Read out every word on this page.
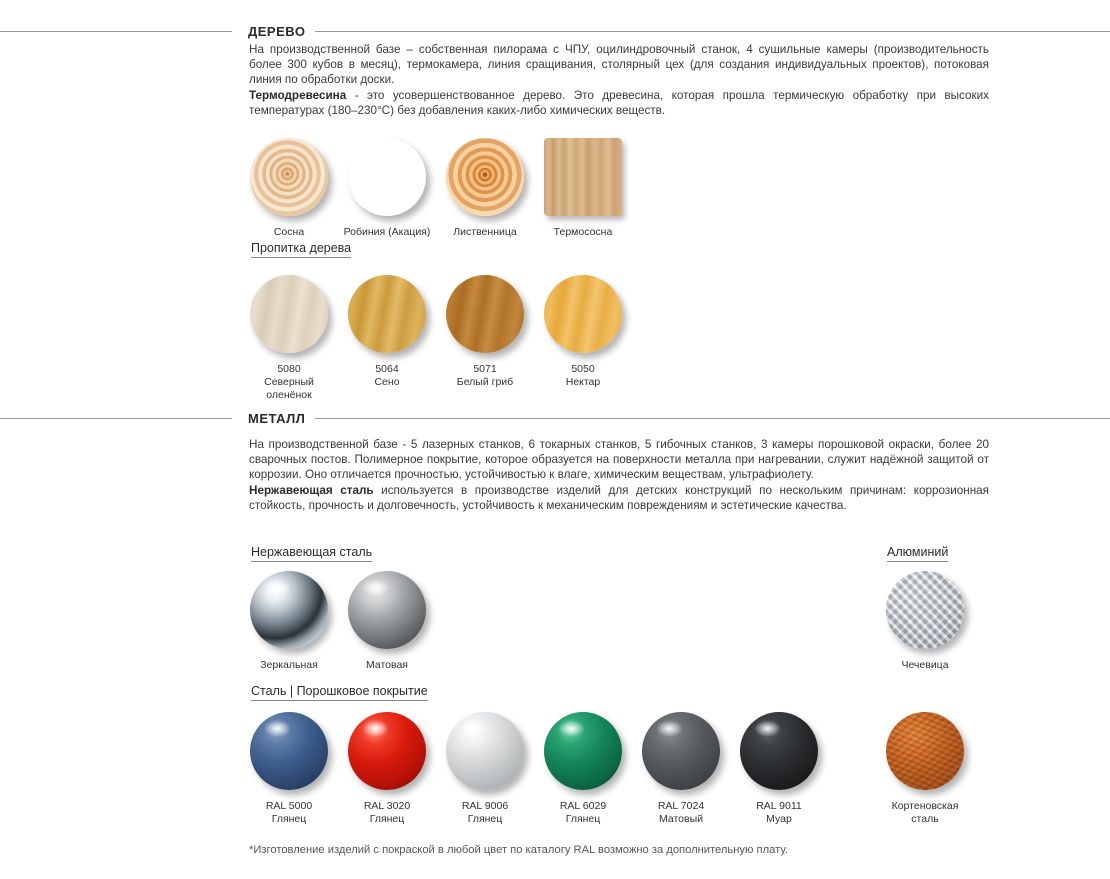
ДЕРЕВО
На производственной базе – собственная пилорама с ЧПУ, оцилиндровочный станок, 4 сушильные камеры (производительность более 300 кубов в месяц), термокамера, линия сращивания, столярный цех (для создания индивидуальных проектов), потоковая линия по обработки доски.
Термодревесина - это усовершенствованное дерево. Это древесина, которая прошла термическую обработку при высоких температурах (180–230°С) без добавления каких-либо химических веществ.
Сосна	Робиния (Акация)	Лиственница	Термососна
Пропитка дерева
5080
Северный
оленёнок
5064
Сено
5071
Белый гриб
5050
Нектар
МЕТАЛЛ
На производственной базе - 5 лазерных станков, 6 токарных станков, 5 гибочных станков, 3 камеры порошковой окраски, более 20 сварочных постов. Полимерное покрытие, которое образуется на поверхности металла при нагревании, служит надёжной защитой от коррозии. Оно отличается прочностью, устойчивостью к влаге, химическим веществам, ультрафиолету.
Нержавеющая сталь используется в производстве изделий для детских конструкций по нескольким причинам: коррозионная стойкость, прочность и долговечность, устойчивость к механическим повреждениям и эстетические качества.
Нержавеющая сталь	Алюминий
Зеркальная	Матовая	Чечевица
Сталь | Порошковое покрытие
RAL 5000
Глянец
RAL 3020
Глянец
RAL 9006
Глянец
RAL 6029
Глянец
RAL 7024
Матовый
RAL 9011
Муар
Кортеновская
сталь
*Изготовление изделий с покраской в любой цвет по каталогу RAL возможно за дополнительную плату.
